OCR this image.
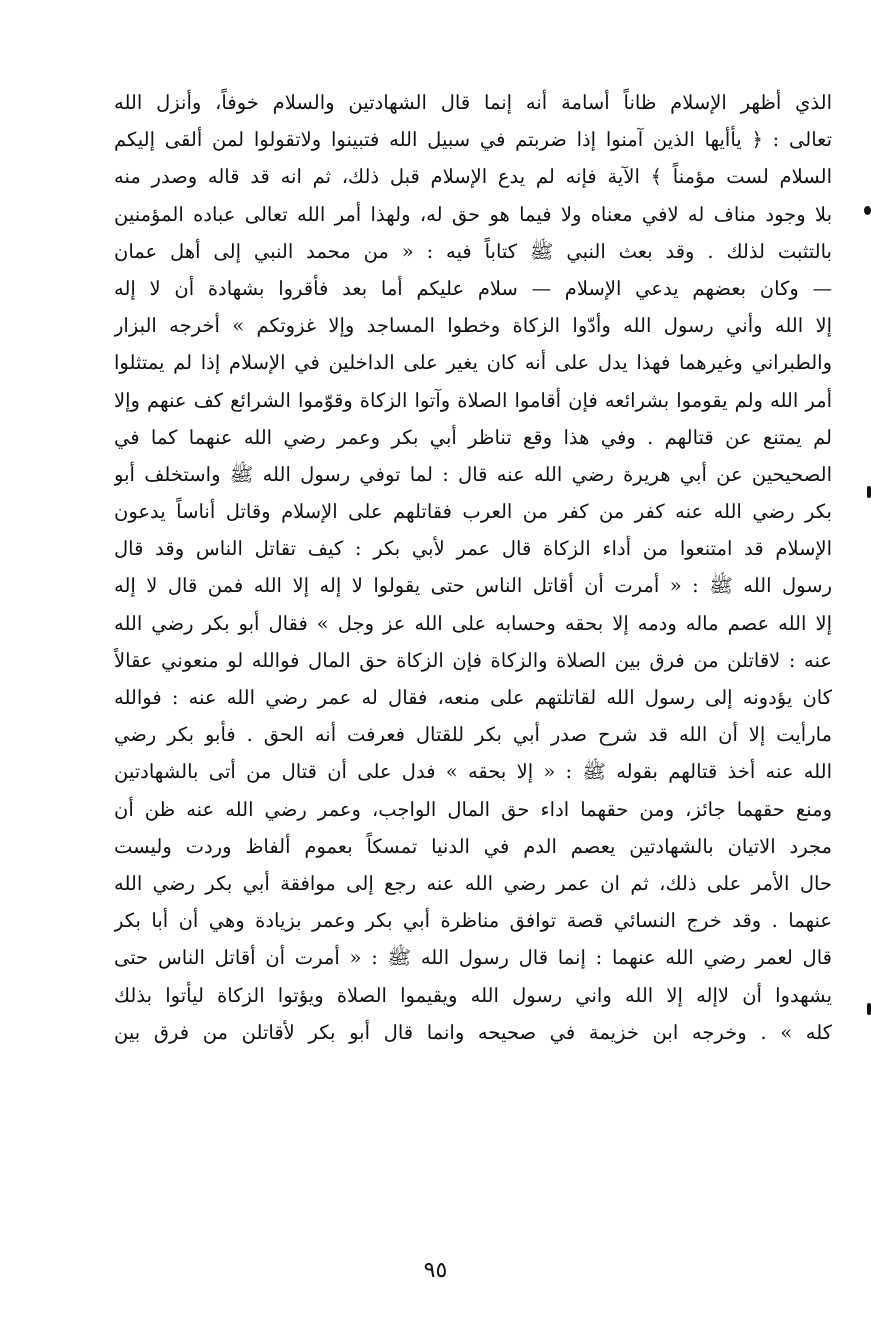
الذي أظهر الإسلام ظاناً أسامة أنه إنما قال الشهادتين والسلام خوفاً، وأنزل الله
تعالى : ﴿ يأأيها الذين آمنوا إذا ضربتم في سبيل الله فتبينوا ولاتقولوا لمن ألقى إليكم
السلام لست مؤمناً ﴾ الآية فإنه لم يدع الإسلام قبل ذلك، ثم انه قد قاله وصدر منه
بلا وجود مناف له لافي معناه ولا فيما هو حق له، ولهذا أمر الله تعالى عباده المؤمنين
بالتثبت لذلك . وقد بعث النبي ﷺ كتاباً فيه : « من محمد النبي إلى أهل عمان
— وكان بعضهم يدعي الإسلام — سلام عليكم أما بعد فأقروا بشهادة أن لا إله
إلا الله وأني رسول الله وأدّوا الزكاة وخطوا المساجد وإلا غزوتكم » أخرجه البزار
والطبراني وغيرهما فهذا يدل على أنه كان يغير على الداخلين في الإسلام إذا لم يمتثلوا
أمر الله ولم يقوموا بشرائعه فإن أقاموا الصلاة وآتوا الزكاة وقوّموا الشرائع كف عنهم وإلا
لم يمتنع عن قتالهم . وفي هذا وقع تناظر أبي بكر وعمر رضي الله عنهما كما في
الصحيحين عن أبي هريرة رضي الله عنه قال : لما توفي رسول الله ﷺ واستخلف أبو
بكر رضي الله عنه كفر من كفر من العرب فقاتلهم على الإسلام وقاتل أناساً يدعون
الإسلام قد امتنعوا من أداء الزكاة قال عمر لأبي بكر : كيف تقاتل الناس وقد قال
رسول الله ﷺ : « أمرت أن أقاتل الناس حتى يقولوا لا إله إلا الله فمن قال لا إله
إلا الله عصم ماله ودمه إلا بحقه وحسابه على الله عز وجل » فقال أبو بكر رضي الله
عنه : لاقاتلن من فرق بين الصلاة والزكاة فإن الزكاة حق المال فوالله لو منعوني عقالاً
كان يؤدونه إلى رسول الله لقاتلتهم على منعه، فقال له عمر رضي الله عنه : فوالله
مارأيت إلا أن الله قد شرح صدر أبي بكر للقتال فعرفت أنه الحق . فأبو بكر رضي
الله عنه أخذ قتالهم بقوله ﷺ : « إلا بحقه » فدل على أن قتال من أتى بالشهادتين
ومنع حقهما جائز، ومن حقهما اداء حق المال الواجب، وعمر رضي الله عنه ظن أن
مجرد الاتيان بالشهادتين يعصم الدم في الدنيا تمسكاً بعموم ألفاظ وردت وليست
حال الأمر على ذلك، ثم ان عمر رضي الله عنه رجع إلى موافقة أبي بكر رضي الله
عنهما . وقد خرج النسائي قصة توافق مناظرة أبي بكر وعمر بزيادة وهي أن أبا بكر
قال لعمر رضي الله عنهما : إنما قال رسول الله ﷺ : « أمرت أن أقاتل الناس حتى
يشهدوا أن لاإله إلا الله واني رسول الله ويقيموا الصلاة ويؤتوا الزكاة ليأتوا بذلك
كله » . وخرجه ابن خزيمة في صحيحه وانما قال أبو بكر لأقاتلن من فرق بين
٩٥
